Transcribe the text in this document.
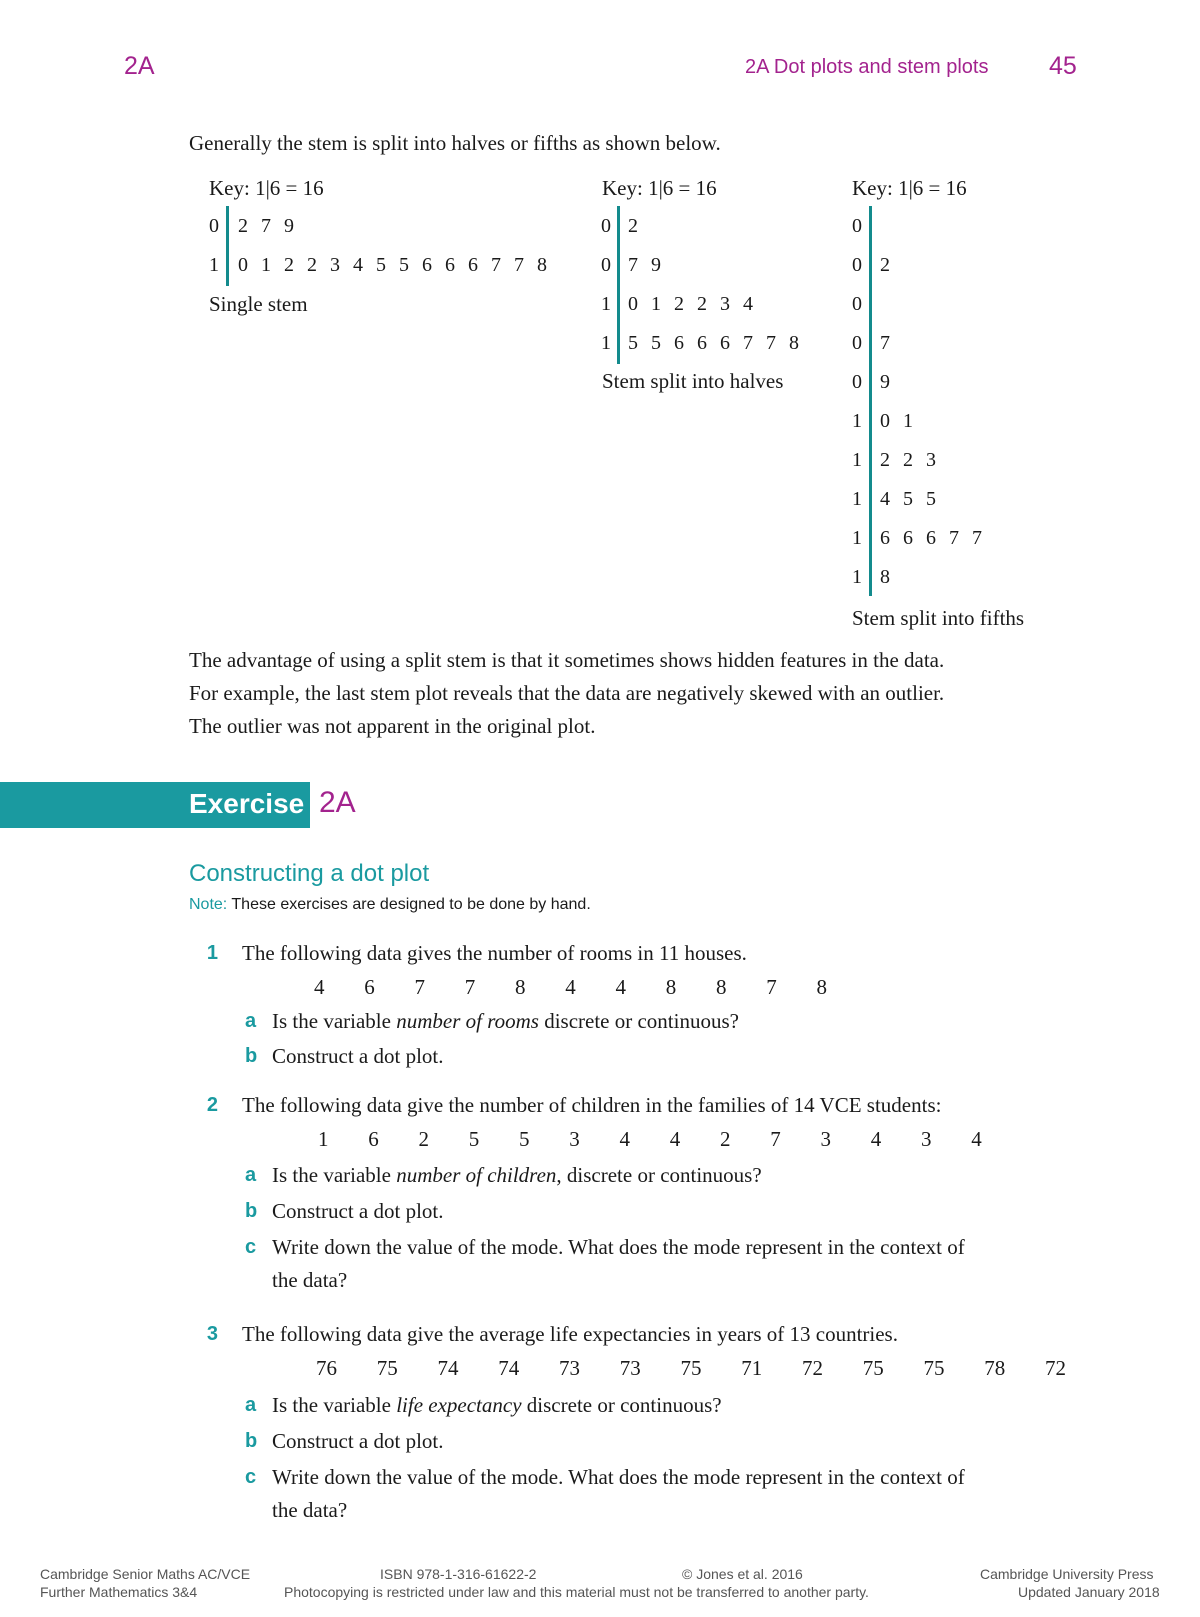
2A	2A Dot plots and stem plots 45
Generally the stem is split into halves or fifths as shown below.
Key: 1|6 = 16
0 2 7 9
1 0 1 2 2 3 4 5 5 6 6 6 7 7 8
Single stem
Key: 1|6 = 16
0 2
0 7 9
1 0 1 2 2 3 4
1 5 5 6 6 6 7 7 8
Stem split into halves
Key: 1|6 = 16
0
0 2
0
0 7
0 9
1 0 1
1 2 2 3
1 4 5 5
1 6 6 6 7 7
1 8
Stem split into fifths
The advantage of using a split stem is that it sometimes shows hidden features in the data.
For example, the last stem plot reveals that the data are negatively skewed with an outlier.
The outlier was not apparent in the original plot.
Exercise 2A
Constructing a dot plot
Note: These exercises are designed to be done by hand.
1 The following data gives the number of rooms in 11 houses.
4   6   7   7   8   4   4   8   8   7   8
a Is the variable number of rooms discrete or continuous?
b Construct a dot plot.
2 The following data give the number of children in the families of 14 VCE students:
1   6   2   5   5   3   4   4   2   7   3   4   3   4
a Is the variable number of children, discrete or continuous?
b Construct a dot plot.
c Write down the value of the mode. What does the mode represent in the context of
the data?
3 The following data give the average life expectancies in years of 13 countries.
76   75   74   74   73   73   75   71   72   75   75   78   72
a Is the variable life expectancy discrete or continuous?
b Construct a dot plot.
c Write down the value of the mode. What does the mode represent in the context of
the data?
Cambridge Senior Maths AC/VCE
Further Mathematics 3&4
ISBN 978-1-316-61622-2	© Jones et al. 2016	Cambridge University Press
Photocopying is restricted under law and this material must not be transferred to another party.	Updated January 2018
